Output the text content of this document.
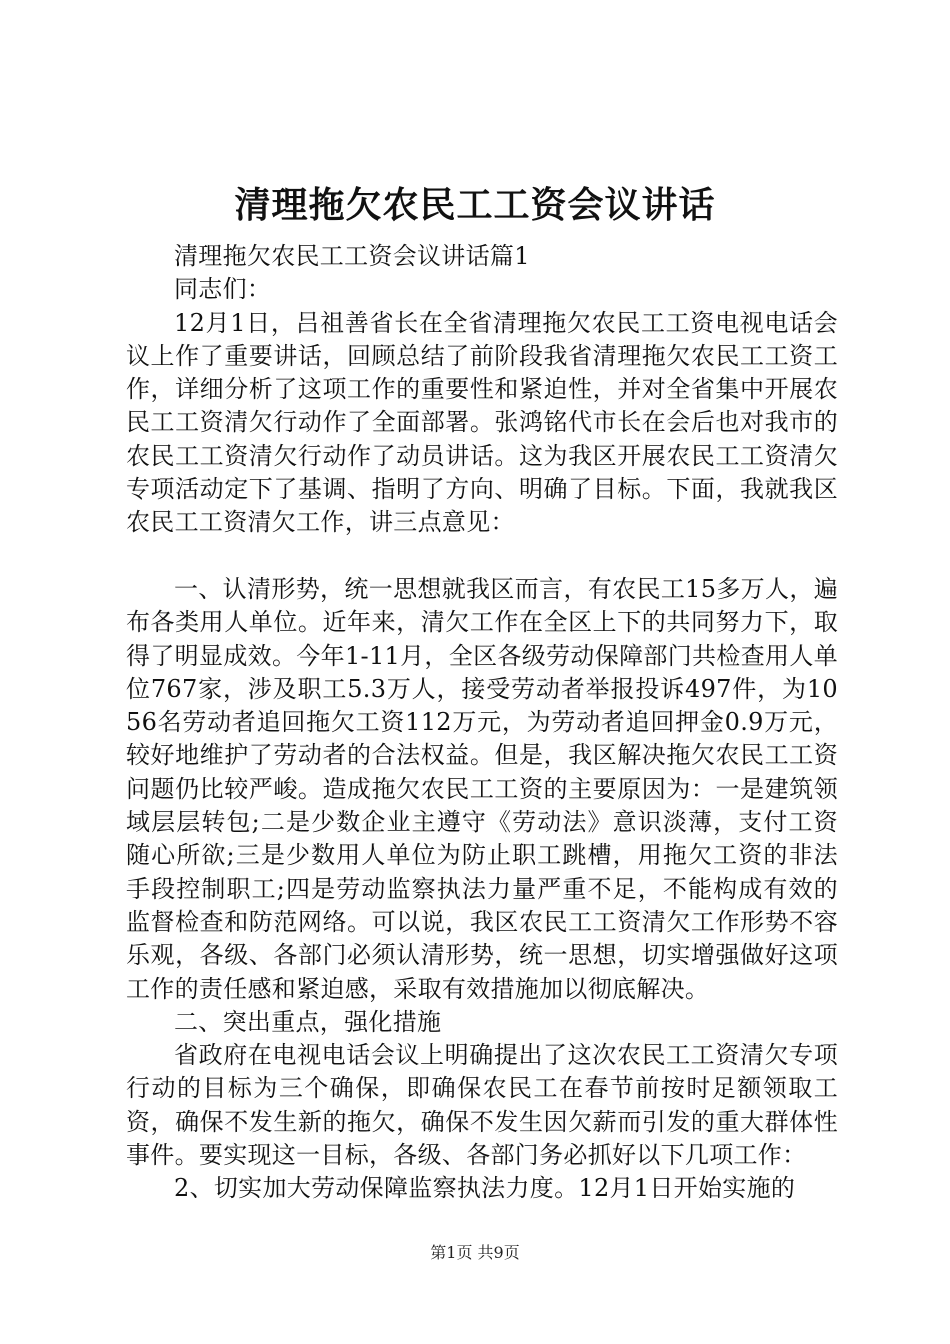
清理拖欠农民工工资会议讲话

清理拖欠农民工工资会议讲话篇1

同志们：

12月1日，吕祖善省长在全省清理拖欠农民工工资电视电话会议上作了重要讲话，回顾总结了前阶段我省清理拖欠农民工工资工作，详细分析了这项工作的重要性和紧迫性，并对全省集中开展农民工工资清欠行动作了全面部署。张鸿铭代市长在会后也对我市的农民工工资清欠行动作了动员讲话。这为我区开展农民工工资清欠专项活动定下了基调、指明了方向、明确了目标。下面，我就我区农民工工资清欠工作，讲三点意见：

一、认清形势，统一思想就我区而言，有农民工15多万人，遍布各类用人单位。近年来，清欠工作在全区上下的共同努力下，取得了明显成效。今年1-11月，全区各级劳动保障部门共检查用人单位767家，涉及职工5.3万人，接受劳动者举报投诉497件，为1056名劳动者追回拖欠工资112万元，为劳动者追回押金0.9万元，较好地维护了劳动者的合法权益。但是，我区解决拖欠农民工工资问题仍比较严峻。造成拖欠农民工工资的主要原因为：一是建筑领域层层转包;二是少数企业主遵守《劳动法》意识淡薄，支付工资随心所欲;三是少数用人单位为防止职工跳槽，用拖欠工资的非法手段控制职工;四是劳动监察执法力量严重不足，不能构成有效的监督检查和防范网络。可以说，我区农民工工资清欠工作形势不容乐观，各级、各部门必须认清形势，统一思想，切实增强做好这项工作的责任感和紧迫感，采取有效措施加以彻底解决。

二、突出重点，强化措施

省政府在电视电话会议上明确提出了这次农民工工资清欠专项行动的目标为三个确保，即确保农民工在春节前按时足额领取工资，确保不发生新的拖欠，确保不发生因欠薪而引发的重大群体性事件。要实现这一目标，各级、各部门务必抓好以下几项工作：

2、切实加大劳动保障监察执法力度。12月1日开始实施的

第1页 共9页
